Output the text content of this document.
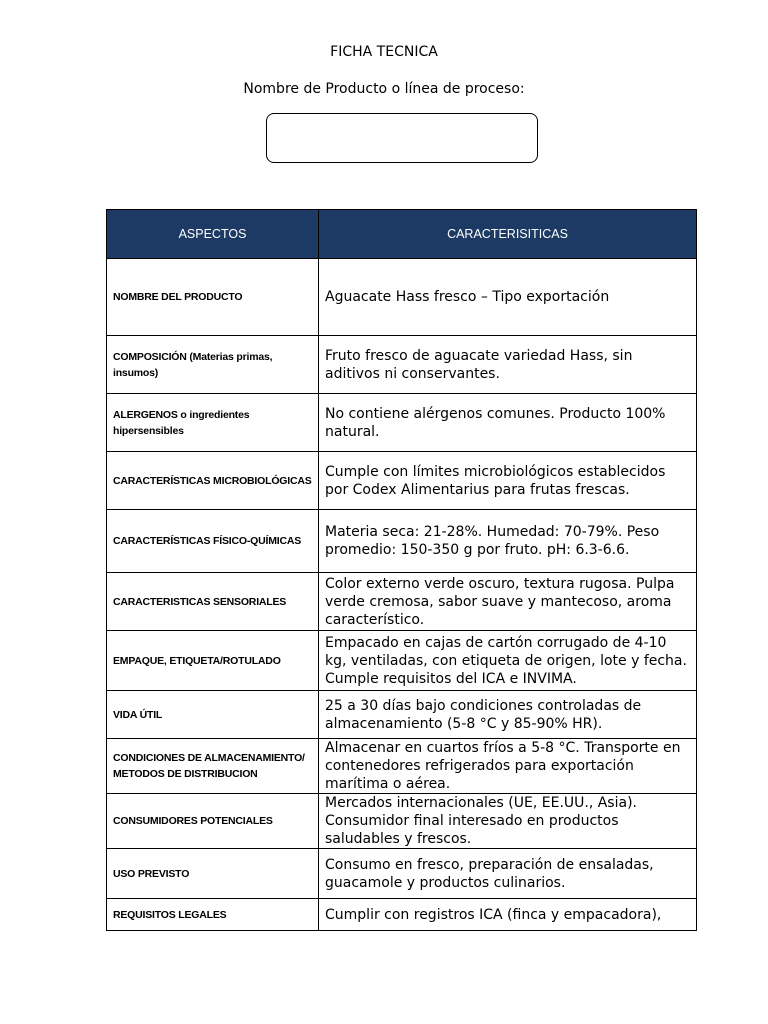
FICHA TECNICA
Nombre de Producto o línea de proceso:
ASPECTOS	CARACTERISITICAS
NOMBRE DEL PRODUCTO	Aguacate Hass fresco – Tipo exportación
COMPOSICIÓN (Materias primas, insumos)	Fruto fresco de aguacate variedad Hass, sin aditivos ni conservantes.
ALERGENOS o ingredientes hipersensibles	No contiene alérgenos comunes. Producto 100% natural.
CARACTERÍSTICAS MICROBIOLÓGICAS	Cumple con límites microbiológicos establecidos por Codex Alimentarius para frutas frescas.
CARACTERÍSTICAS FÍSICO-QUÍMICAS	Materia seca: 21-28%. Humedad: 70-79%. Peso promedio: 150-350 g por fruto. pH: 6.3-6.6.
CARACTERISTICAS SENSORIALES	Color externo verde oscuro, textura rugosa. Pulpa verde cremosa, sabor suave y mantecoso, aroma característico.
EMPAQUE, ETIQUETA/ROTULADO	Empacado en cajas de cartón corrugado de 4-10 kg, ventiladas, con etiqueta de origen, lote y fecha. Cumple requisitos del ICA e INVIMA.
VIDA ÚTIL	25 a 30 días bajo condiciones controladas de almacenamiento (5-8 °C y 85-90% HR).
CONDICIONES DE ALMACENAMIENTO/ METODOS DE DISTRIBUCION	Almacenar en cuartos fríos a 5-8 °C. Transporte en contenedores refrigerados para exportación marítima o aérea.
CONSUMIDORES POTENCIALES	Mercados internacionales (UE, EE.UU., Asia). Consumidor final interesado en productos saludables y frescos.
USO PREVISTO	Consumo en fresco, preparación de ensaladas, guacamole y productos culinarios.
REQUISITOS LEGALES	Cumplir con registros ICA (finca y empacadora),
